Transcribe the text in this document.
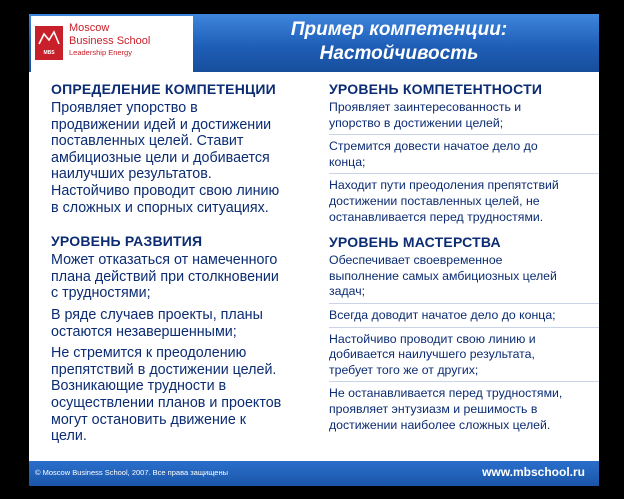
MBS
Moscow
Business School
Leadership Energy
Пример компетенции:
Настойчивость
ОПРЕДЕЛЕНИЕ КОМПЕТЕНЦИИ
Проявляет упорство в
продвижении идей и достижении
поставленных целей. Ставит
амбициозные цели и добивается
наилучших результатов.
Настойчиво проводит свою линию
в сложных и спорных ситуациях.
УРОВЕНЬ РАЗВИТИЯ
Может отказаться от намеченного
плана действий при столкновении
с трудностями;
В ряде случаев проекты, планы
остаются незавершенными;
Не стремится к преодолению
препятствий в достижении целей.
Возникающие трудности в
осуществлении планов и проектов
могут остановить движение к
цели.
УРОВЕНЬ КОМПЕТЕНТНОСТИ
Проявляет заинтересованность и
упорство в достижении целей;
Стремится довести начатое дело до
конца;
Находит пути преодоления препятствий
достижении поставленных целей, не
останавливается перед трудностями.
УРОВЕНЬ МАСТЕРСТВА
Обеспечивает своевременное
выполнение самых амбициозных целей
задач;
Всегда доводит начатое дело до конца;
Настойчиво проводит свою линию и
добивается наилучшего результата,
требует того же от других;
Не останавливается перед трудностями,
проявляет энтузиазм и решимость в
достижении наиболее сложных целей.
© Moscow Business School, 2007. Все права защищены	www.mbschool.ru
